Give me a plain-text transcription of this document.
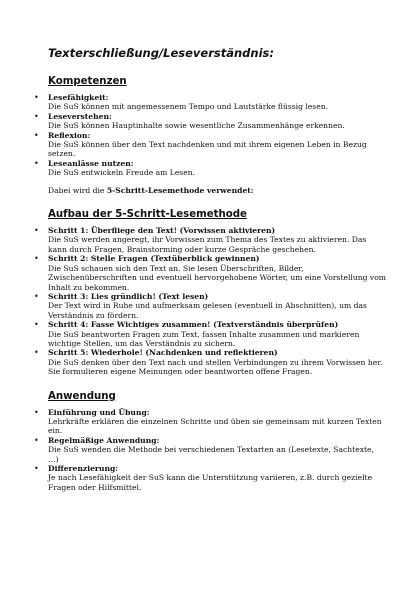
Texterschließung/Leseverständnis:
Kompetenzen
•	Lesefähigkeit:
Die SuS können mit angemessenem Tempo und Lautstärke flüssig lesen.
•	Leseverstehen:
Die SuS können Hauptinhalte sowie wesentliche Zusammenhänge erkennen.
•	Reflexion:
Die SuS können über den Text nachdenken und mit ihrem eigenen Leben in Bezug setzen.
•	Leseanlässe nutzen:
Die SuS entwickeln Freude am Lesen.

Dabei wird die 5-Schritt-Lesemethode verwendet:

Aufbau der 5-Schritt-Lesemethode
•	Schritt 1: Überfliege den Text! (Vorwissen aktivieren)
Die SuS werden angeregt, ihr Vorwissen zum Thema des Textes zu aktivieren. Das kann durch Fragen, Brainstorming oder kurze Gespräche geschehen.
•	Schritt 2: Stelle Fragen (Textüberblick gewinnen)
Die SuS schauen sich den Text an. Sie lesen Überschriften, Bilder, Zwischenüberschriften und eventuell hervorgehobene Wörter, um eine Vorstellung vom Inhalt zu bekommen.
•	Schritt 3: Lies gründlich! (Text lesen)
Der Text wird in Ruhe und aufmerksam gelesen (eventuell in Abschnitten), um das Verständnis zu fördern.
•	Schritt 4: Fasse Wichtiges zusammen! (Textverständnis überprüfen)
Die SuS beantworten Fragen zum Text, fassen Inhalte zusammen und markieren wichtige Stellen, um das Verständnis zu sichern.
•	Schritt 5: Wiederhole! (Nachdenken und reflektieren)
Die SuS denken über den Text nach und stellen Verbindungen zu ihrem Vorwissen her. Sie formulieren eigene Meinungen oder beantworten offene Fragen.
Anwendung
•	Einführung und Übung:
Lehrkräfte erklären die einzelnen Schritte und üben sie gemeinsam mit kurzen Texten ein.
•	Regelmäßige Anwendung:
Die SuS wenden die Methode bei verschiedenen Textarten an (Lesetexte, Sachtexte, …)
•	Differenzierung:
Je nach Lesefähigkeit der SuS kann die Unterstützung variieren, z.B. durch gezielte Fragen oder Hilfsmittel.
